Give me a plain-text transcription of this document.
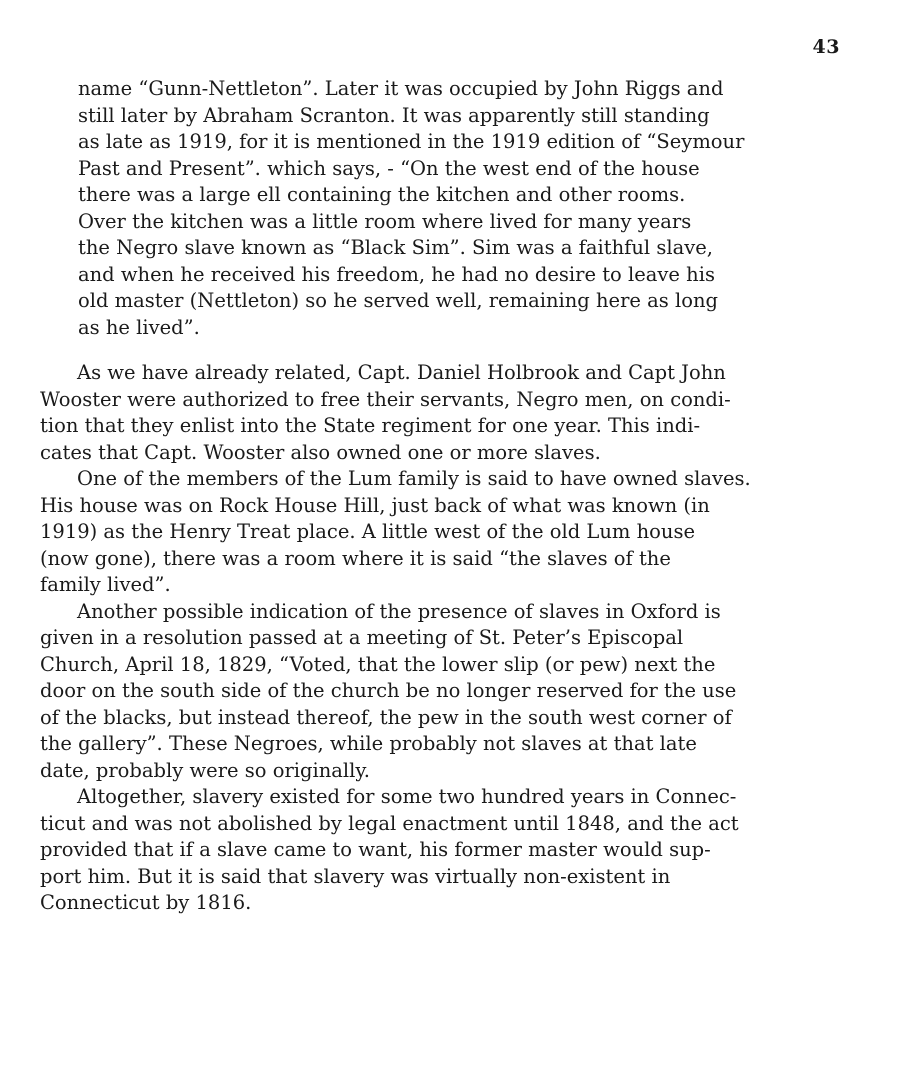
43
name “Gunn-Nettleton”. Later it was occupied by John Riggs and
still later by Abraham Scranton. It was apparently still standing
as late as 1919, for it is mentioned in the 1919 edition of “Seymour
Past and Present”. which says, - “On the west end of the house
there was a large ell containing the kitchen and other rooms.
Over the kitchen was a little room where lived for many years
the Negro slave known as “Black Sim”. Sim was a faithful slave,
and when he received his freedom, he had no desire to leave his
old master (Nettleton) so he served well, remaining here as long
as he lived”.
As we have already related, Capt. Daniel Holbrook and Capt John
Wooster were authorized to free their servants, Negro men, on condi-
tion that they enlist into the State regiment for one year. This indi-
cates that Capt. Wooster also owned one or more slaves.
One of the members of the Lum family is said to have owned slaves.
His house was on Rock House Hill, just back of what was known (in
1919) as the Henry Treat place. A little west of the old Lum house
(now gone), there was a room where it is said “the slaves of the
family lived”.
Another possible indication of the presence of slaves in Oxford is
given in a resolution passed at a meeting of St. Peter’s Episcopal
Church, April 18, 1829, “Voted, that the lower slip (or pew) next the
door on the south side of the church be no longer reserved for the use
of the blacks, but instead thereof, the pew in the south west corner of
the gallery”. These Negroes, while probably not slaves at that late
date, probably were so originally.
Altogether, slavery existed for some two hundred years in Connec-
ticut and was not abolished by legal enactment until 1848, and the act
provided that if a slave came to want, his former master would sup-
port him. But it is said that slavery was virtually non-existent in
Connecticut by 1816.
